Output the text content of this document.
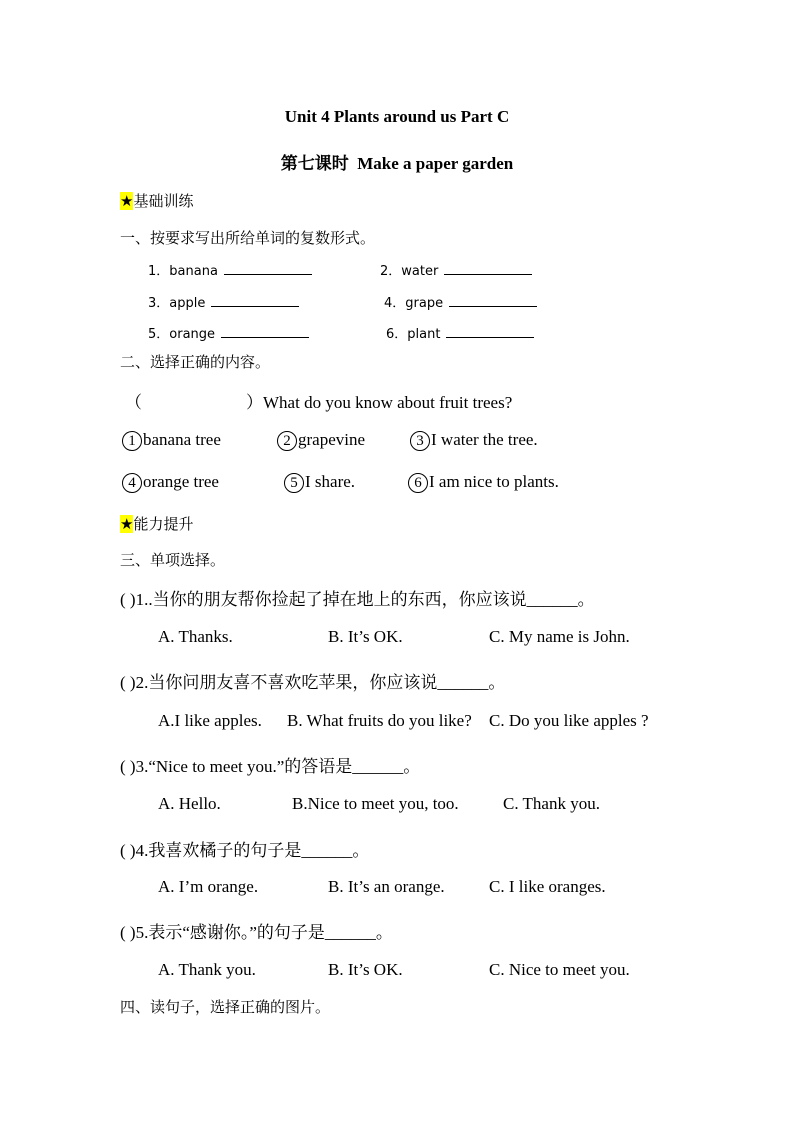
Unit 4 Plants around us Part C
第七课时 Make a paper garden
★基础训练
一、按要求写出所给单词的复数形式。
1．banana	2．water
3．apple	4．grape
5．orange	6．plant
二、选择正确的内容。
（	）What do you know about fruit trees?
1 banana tree	2 grapevine	3 I water the tree.
4 orange tree	5 I share.	6 I am nice to plants.
★能力提升
三、单项选择。
( )1..当你的朋友帮你捡起了掉在地上的东西，你应该说______。
A. Thanks.	B. It’s OK.	C. My name is John.
( )2.当你问朋友喜不喜欢吃苹果，你应该说______。
A.I like apples. B. What fruits do you like? C. Do you like apples ?
( )3.“Nice to meet you.”的答语是______。
A. Hello.	B.Nice to meet you, too.	C. Thank you.
( )4.我喜欢橘子的句子是______。
A. I’m orange.	B. It’s an orange.	C. I like oranges.
( )5.表示“感谢你。”的句子是______。
A. Thank you.	B. It’s OK.	C. Nice to meet you.
四、读句子，选择正确的图片。
